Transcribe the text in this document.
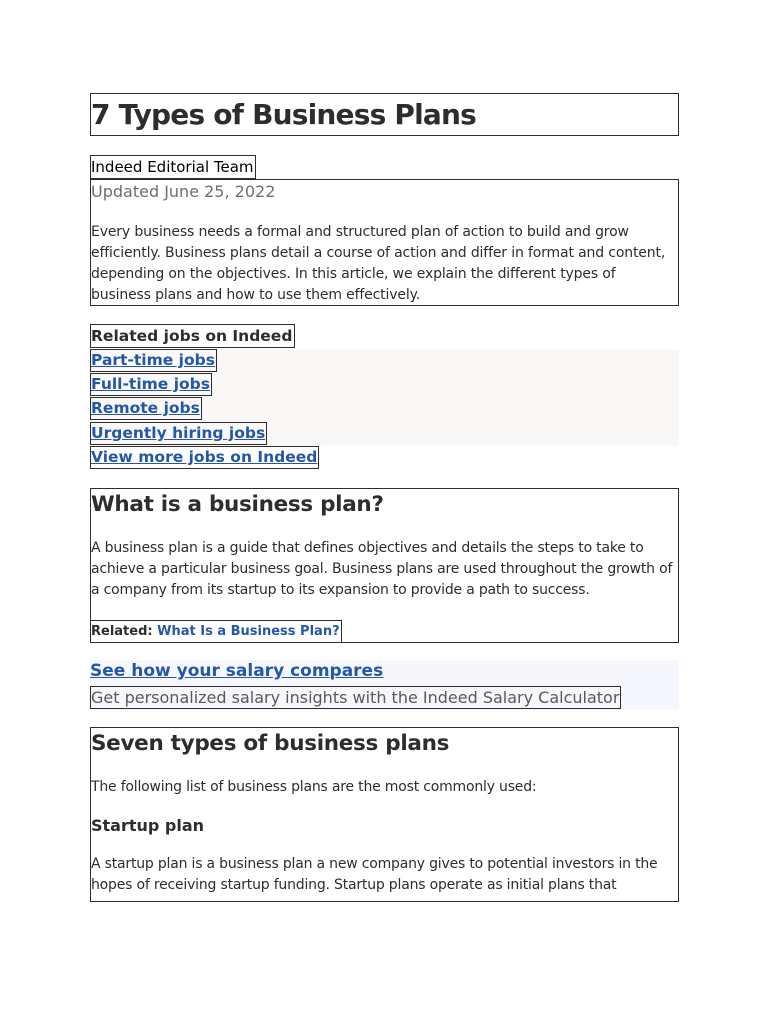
7 Types of Business Plans
Indeed Editorial Team
Updated June 25, 2022

Every business needs a formal and structured plan of action to build and grow efficiently. Business plans detail a course of action and differ in format and content, depending on the objectives. In this article, we explain the different types of business plans and how to use them effectively.

Related jobs on Indeed
Part-time jobs
Full-time jobs
Remote jobs
Urgently hiring jobs
View more jobs on Indeed
What is a business plan?

A business plan is a guide that defines objectives and details the steps to take to achieve a particular business goal. Business plans are used throughout the growth of a company from its startup to its expansion to provide a path to success.

Related: What Is a Business Plan?
See how your salary compares
Get personalized salary insights with the Indeed Salary Calculator
Seven types of business plans

The following list of business plans are the most commonly used:

Startup plan

A startup plan is a business plan a new company gives to potential investors in the hopes of receiving startup funding. Startup plans operate as initial plans that
